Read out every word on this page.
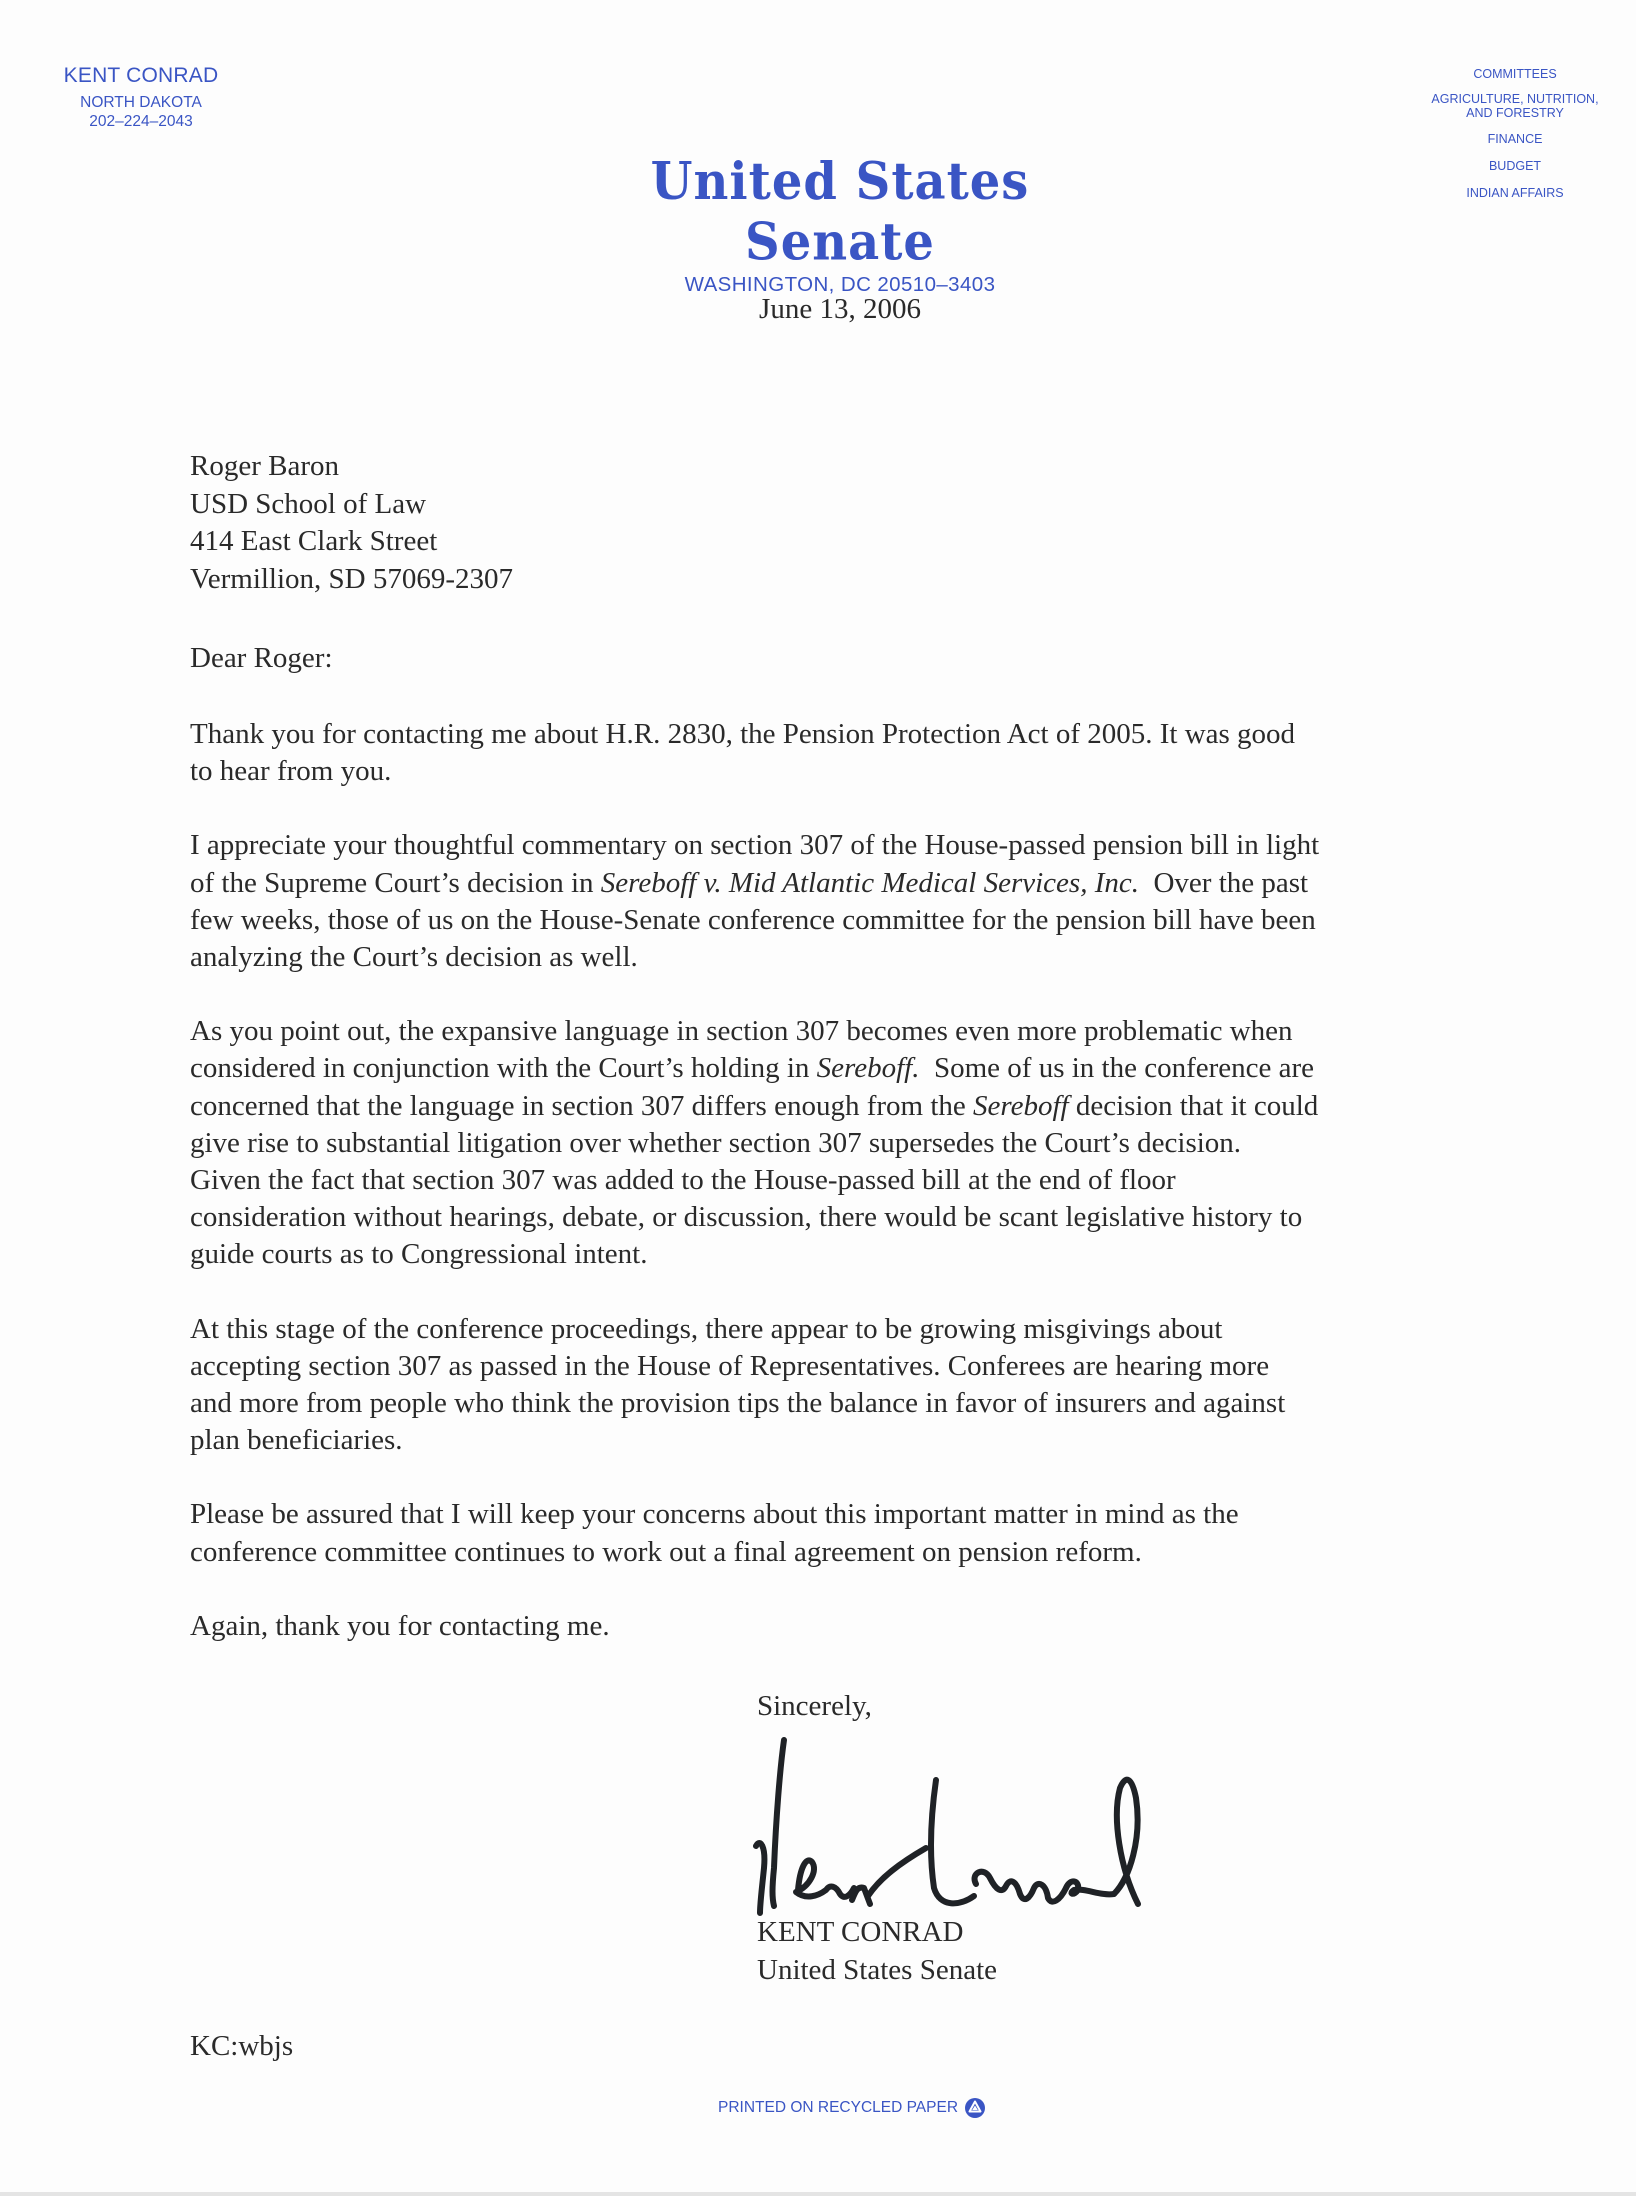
KENT CONRAD
NORTH DAKOTA
202–224–2043
United States Senate
WASHINGTON, DC 20510–3403
COMMITTEES
AGRICULTURE, NUTRITION,
AND FORESTRY
FINANCE
BUDGET
INDIAN AFFAIRS
June 13, 2006
Roger Baron
USD School of Law
414 East Clark Street
Vermillion, SD 57069-2307
Dear Roger:

Thank you for contacting me about H.R. 2830, the Pension Protection Act of 2005. It was good
to hear from you.

I appreciate your thoughtful commentary on section 307 of the House-passed pension bill in light
of the Supreme Court’s decision in Sereboff v. Mid Atlantic Medical Services, Inc.  Over the past
few weeks, those of us on the House-Senate conference committee for the pension bill have been
analyzing the Court’s decision as well.

As you point out, the expansive language in section 307 becomes even more problematic when
considered in conjunction with the Court’s holding in Sereboff.  Some of us in the conference are
concerned that the language in section 307 differs enough from the Sereboff decision that it could
give rise to substantial litigation over whether section 307 supersedes the Court’s decision.
Given the fact that section 307 was added to the House-passed bill at the end of floor
consideration without hearings, debate, or discussion, there would be scant legislative history to
guide courts as to Congressional intent.

At this stage of the conference proceedings, there appear to be growing misgivings about
accepting section 307 as passed in the House of Representatives. Conferees are hearing more
and more from people who think the provision tips the balance in favor of insurers and against
plan beneficiaries.

Please be assured that I will keep your concerns about this important matter in mind as the
conference committee continues to work out a final agreement on pension reform.

Again, thank you for contacting me.

Sincerely,
KENT CONRAD
United States Senate
KC:wbjs
PRINTED ON RECYCLED PAPER
